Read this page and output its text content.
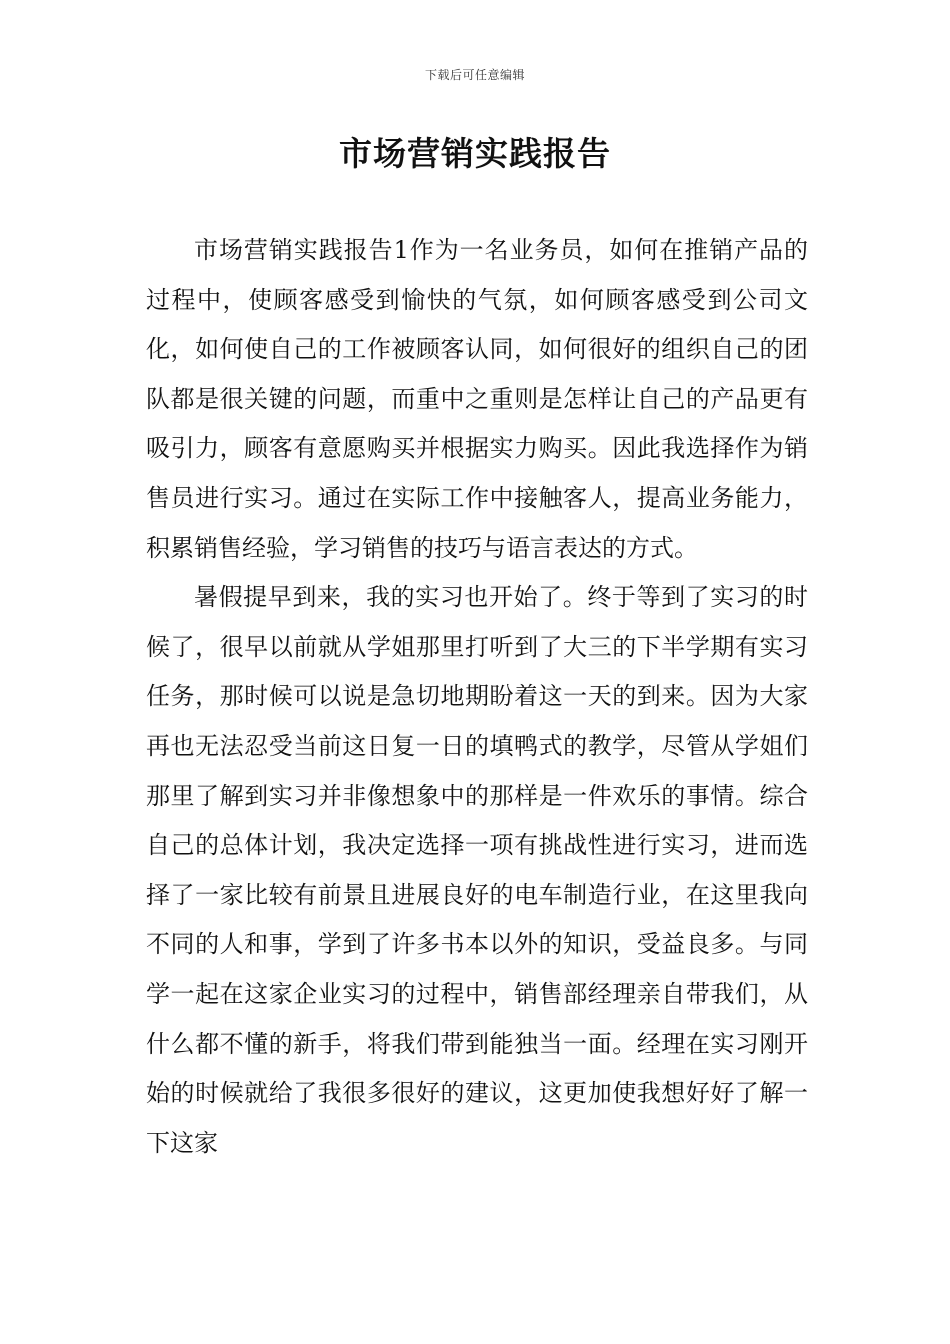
下载后可任意编辑
市场营销实践报告

市场营销实践报告1作为一名业务员，如何在推销产品的过程中，使顾客感受到愉快的气氛，如何顾客感受到公司文化，如何使自己的工作被顾客认同，如何很好的组织自己的团队都是很关键的问题，而重中之重则是怎样让自己的产品更有吸引力，顾客有意愿购买并根据实力购买。因此我选择作为销售员进行实习。通过在实际工作中接触客人，提高业务能力，积累销售经验，学习销售的技巧与语言表达的方式。

暑假提早到来，我的实习也开始了。终于等到了实习的时候了，很早以前就从学姐那里打听到了大三的下半学期有实习任务，那时候可以说是急切地期盼着这一天的到来。因为大家再也无法忍受当前这日复一日的填鸭式的教学，尽管从学姐们那里了解到实习并非像想象中的那样是一件欢乐的事情。综合自己的总体计划，我决定选择一项有挑战性进行实习，进而选择了一家比较有前景且进展良好的电车制造行业，在这里我向不同的人和事，学到了许多书本以外的知识，受益良多。与同学一起在这家企业实习的过程中，销售部经理亲自带我们，从什么都不懂的新手，将我们带到能独当一面。经理在实习刚开始的时候就给了我很多很好的建议，这更加使我想好好了解一下这家
